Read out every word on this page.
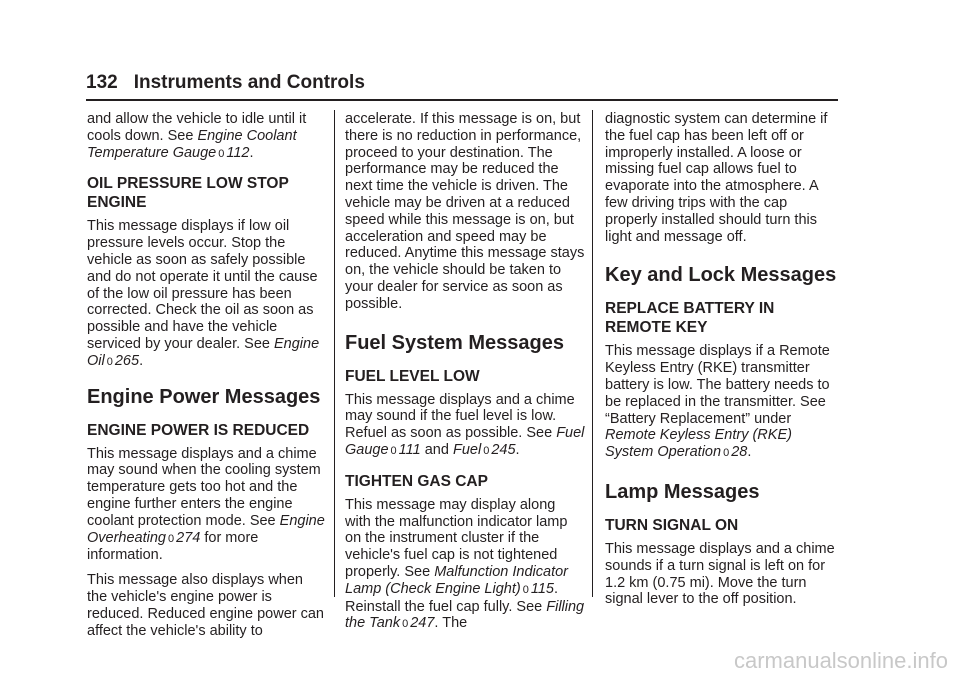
132 Instruments and Controls

and allow the vehicle to idle until it cools down. See Engine Coolant Temperature Gauge 0 112.

OIL PRESSURE LOW STOP ENGINE

This message displays if low oil pressure levels occur. Stop the vehicle as soon as safely possible and do not operate it until the cause of the low oil pressure has been corrected. Check the oil as soon as possible and have the vehicle serviced by your dealer. See Engine Oil 0 265.

Engine Power Messages
ENGINE POWER IS REDUCED

This message displays and a chime may sound when the cooling system temperature gets too hot and the engine further enters the engine coolant protection mode. See Engine Overheating 0 274 for more information.

This message also displays when the vehicle's engine power is reduced. Reduced engine power can affect the vehicle's ability to

accelerate. If this message is on, but there is no reduction in performance, proceed to your destination. The performance may be reduced the next time the vehicle is driven. The vehicle may be driven at a reduced speed while this message is on, but acceleration and speed may be reduced. Anytime this message stays on, the vehicle should be taken to your dealer for service as soon as possible.

Fuel System Messages
FUEL LEVEL LOW

This message displays and a chime may sound if the fuel level is low. Refuel as soon as possible. See Fuel Gauge 0 111 and Fuel 0 245.

TIGHTEN GAS CAP

This message may display along with the malfunction indicator lamp on the instrument cluster if the vehicle's fuel cap is not tightened properly. See Malfunction Indicator Lamp (Check Engine Light) 0 115. Reinstall the fuel cap fully. See Filling the Tank 0 247. The

diagnostic system can determine if the fuel cap has been left off or improperly installed. A loose or missing fuel cap allows fuel to evaporate into the atmosphere. A few driving trips with the cap properly installed should turn this light and message off.

Key and Lock Messages
REPLACE BATTERY IN REMOTE KEY

This message displays if a Remote Keyless Entry (RKE) transmitter battery is low. The battery needs to be replaced in the transmitter. See “Battery Replacement” under Remote Keyless Entry (RKE) System Operation 0 28.

Lamp Messages
TURN SIGNAL ON

This message displays and a chime sounds if a turn signal is left on for 1.2 km (0.75 mi). Move the turn signal lever to the off position.

carmanualsonline.info
